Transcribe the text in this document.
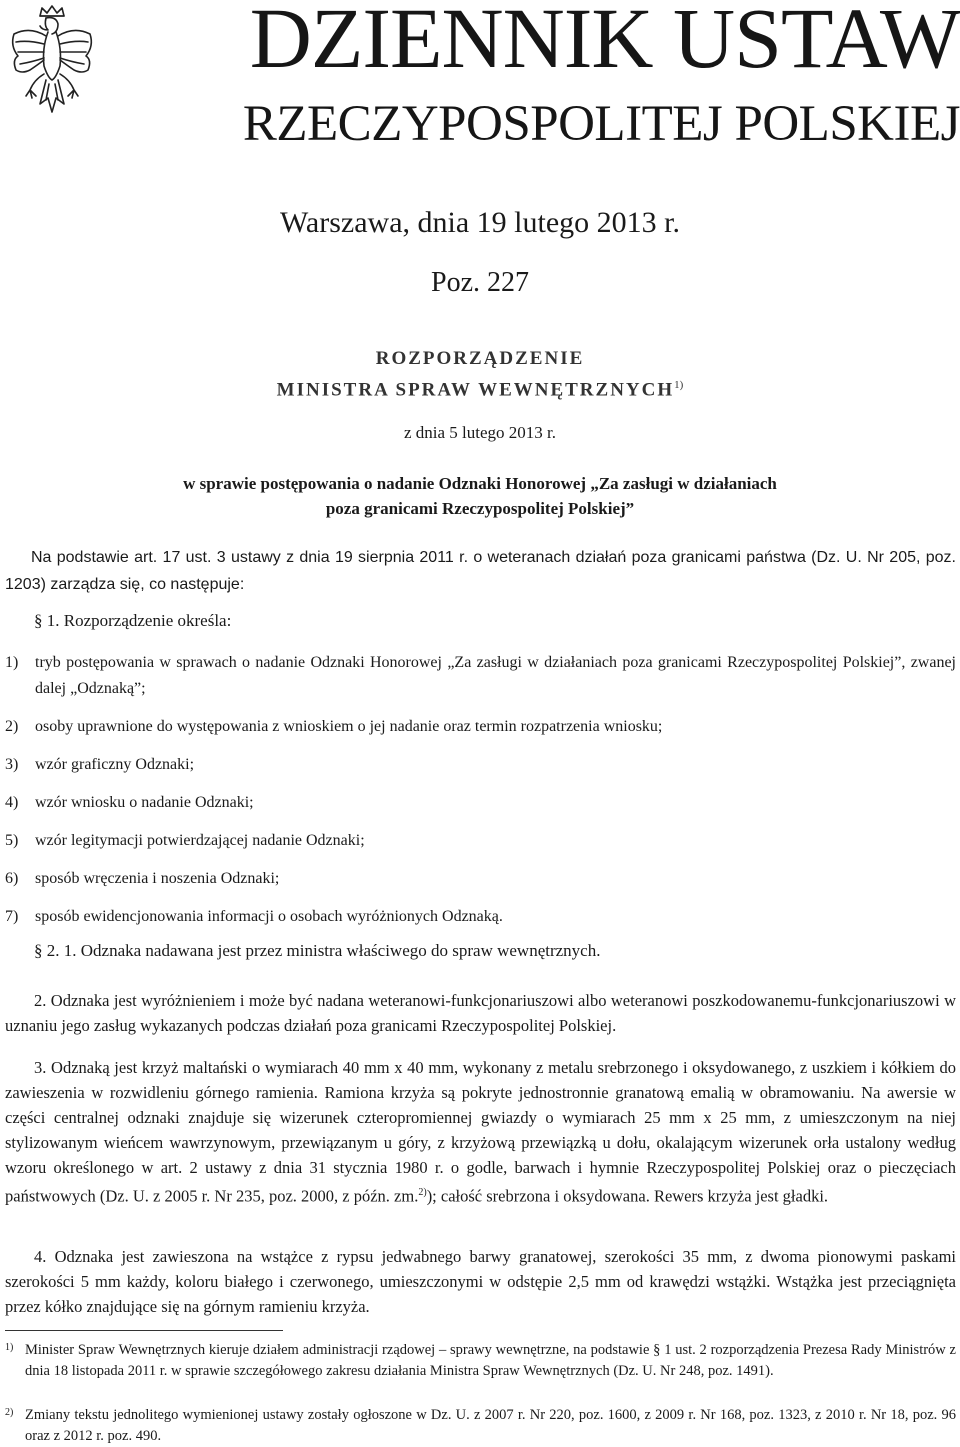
DZIENNIK USTAW
RZECZYPOSPOLITEJ POLSKIEJ
Warszawa, dnia 19 lutego 2013 r.
Poz. 227
ROZPORZĄDZENIE
MINISTRA SPRAW WEWNĘTRZNYCH$^{1)}$
z dnia 5 lutego 2013 r.
w sprawie postępowania o nadanie Odznaki Honorowej „Za zasługi w działaniach
poza granicami Rzeczypospolitej Polskiej”

Na podstawie art. 17 ust. 3 ustawy z dnia 19 sierpnia 2011 r. o weteranach działań poza granicami państwa (Dz. U. Nr 205, poz. 1203) zarządza się, co następuje:

§ 1. Rozporządzenie określa:

1) tryb postępowania w sprawach o nadanie Odznaki Honorowej „Za zasługi w działaniach poza granicami Rzeczypospolitej Polskiej”, zwanej dalej „Odznaką”;
2) osoby uprawnione do występowania z wnioskiem o jej nadanie oraz termin rozpatrzenia wniosku;
3) wzór graficzny Odznaki;
4) wzór wniosku o nadanie Odznaki;
5) wzór legitymacji potwierdzającej nadanie Odznaki;
6) sposób wręczenia i noszenia Odznaki;
7) sposób ewidencjonowania informacji o osobach wyróżnionych Odznaką.

§ 2. 1. Odznaka nadawana jest przez ministra właściwego do spraw wewnętrznych.

2. Odznaka jest wyróżnieniem i może być nadana weteranowi-funkcjonariuszowi albo weteranowi poszkodowanemu-funkcjonariuszowi w uznaniu jego zasług wykazanych podczas działań poza granicami Rzeczypospolitej Polskiej.

3. Odznaką jest krzyż maltański o wymiarach 40 mm x 40 mm, wykonany z metalu srebrzonego i oksydowanego, z uszkiem i kółkiem do zawieszenia w rozwidleniu górnego ramienia. Ramiona krzyża są pokryte jednostronnie granatową emalią w obramowaniu. Na awersie w części centralnej odznaki znajduje się wizerunek czteropromiennej gwiazdy o wymiarach 25 mm x 25 mm, z umieszczonym na niej stylizowanym wieńcem wawrzynowym, przewiązanym u góry, z krzyżową przewiązką u dołu, okalającym wizerunek orła ustalony według wzoru określonego w art. 2 ustawy z dnia 31 stycznia 1980 r. o godle, barwach i hymnie Rzeczypospolitej Polskiej oraz o pieczęciach państwowych (Dz. U. z 2005 r. Nr 235, poz. 2000, z późn. zm.$^{2)}$); całość srebrzona i oksydowana. Rewers krzyża jest gładki.

4. Odznaka jest zawieszona na wstążce z rypsu jedwabnego barwy granatowej, szerokości 35 mm, z dwoma pionowymi paskami szerokości 5 mm każdy, koloru białego i czerwonego, umieszczonymi w odstępie 2,5 mm od krawędzi wstążki. Wstążka jest przeciągnięta przez kółko znajdujące się na górnym ramieniu krzyża.

1) Minister Spraw Wewnętrznych kieruje działem administracji rządowej – sprawy wewnętrzne, na podstawie § 1 ust. 2 rozporządzenia Prezesa Rady Ministrów z dnia 18 listopada 2011 r. w sprawie szczegółowego zakresu działania Ministra Spraw Wewnętrznych (Dz. U. Nr 248, poz. 1491).
2) Zmiany tekstu jednolitego wymienionej ustawy zostały ogłoszone w Dz. U. z 2007 r. Nr 220, poz. 1600, z 2009 r. Nr 168, poz. 1323, z 2010 r. Nr 18, poz. 96 oraz z 2012 r. poz. 490.
